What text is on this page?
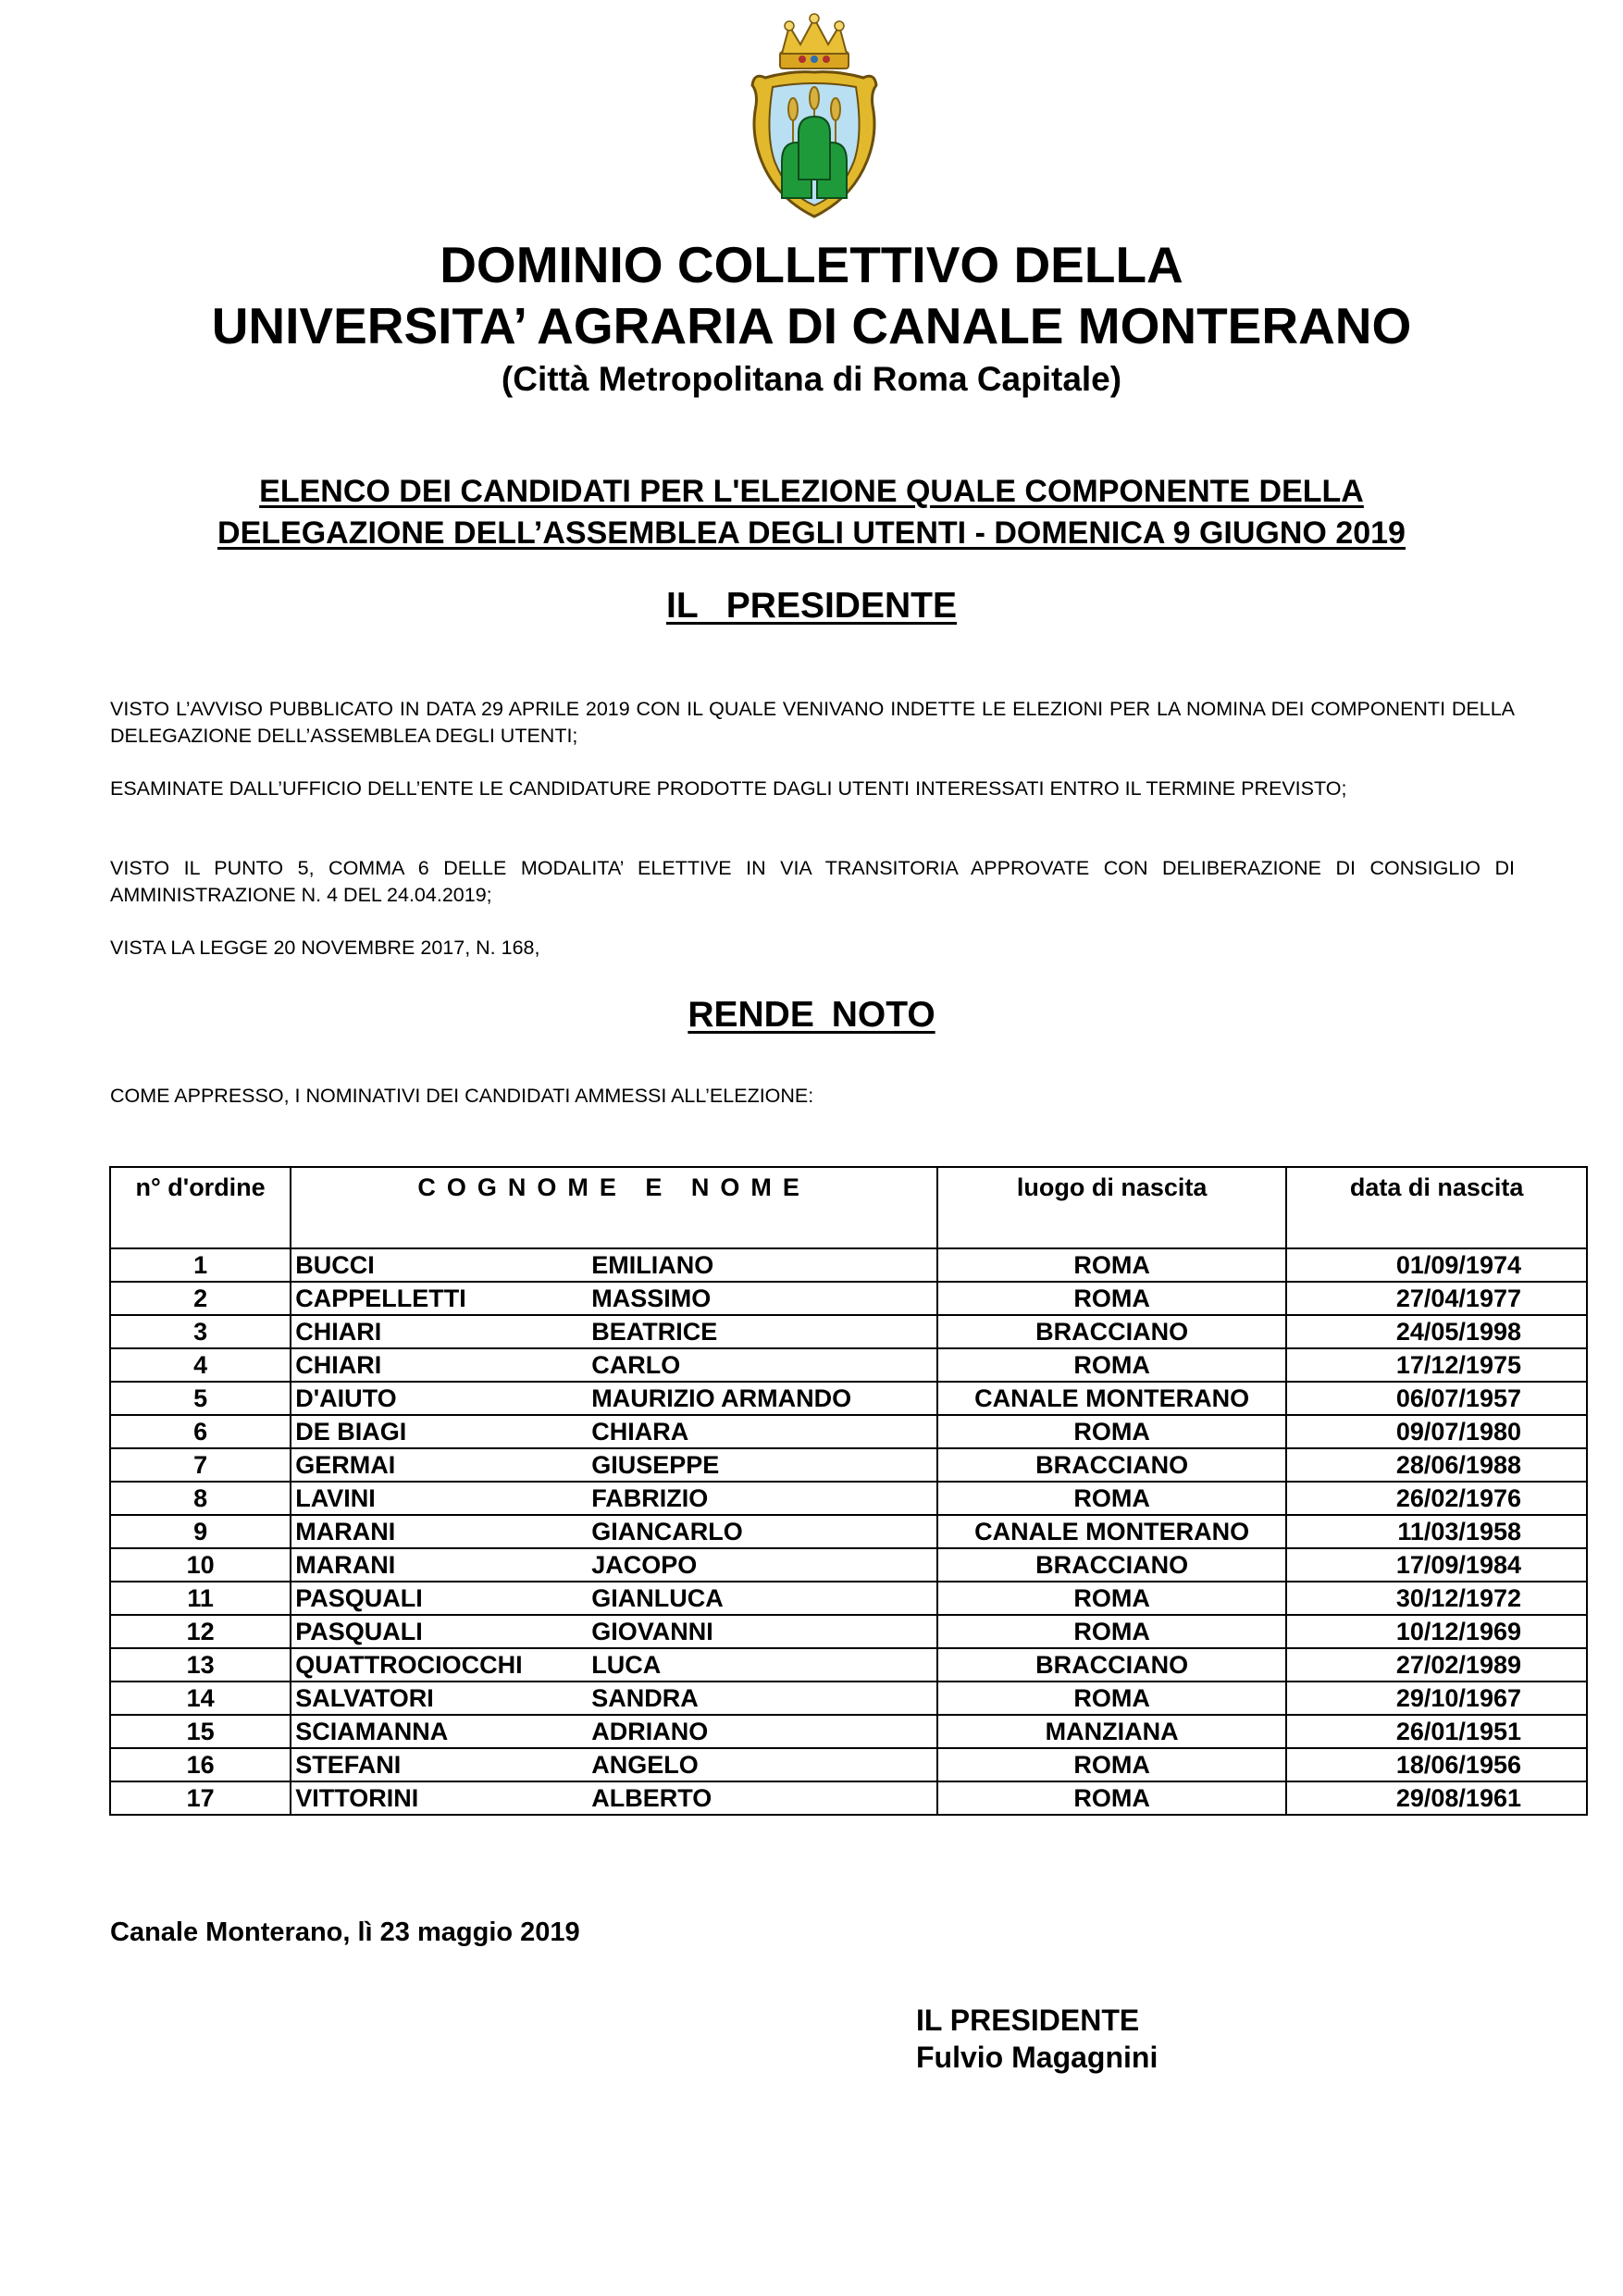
DOMINIO COLLETTIVO DELLA
UNIVERSITA’ AGRARIA DI CANALE MONTERANO
(Città Metropolitana di Roma Capitale)
ELENCO DEI CANDIDATI PER L'ELEZIONE QUALE COMPONENTE DELLA
DELEGAZIONE DELL’ASSEMBLEA DEGLI UTENTI - DOMENICA 9 GIUGNO 2019
IL PRESIDENTE

VISTO L’AVVISO PUBBLICATO IN DATA 29 APRILE 2019 CON IL QUALE VENIVANO INDETTE LE ELEZIONI PER LA NOMINA DEI COMPONENTI DELLA DELEGAZIONE DELL’ASSEMBLEA DEGLI UTENTI;

ESAMINATE DALL’UFFICIO DELL’ENTE LE CANDIDATURE PRODOTTE DAGLI UTENTI INTERESSATI ENTRO IL TERMINE PREVISTO;

VISTO IL PUNTO 5, COMMA 6 DELLE MODALITA’ ELETTIVE IN VIA TRANSITORIA APPROVATE CON DELIBERAZIONE DI CONSIGLIO DI AMMINISTRAZIONE N. 4 DEL 24.04.2019;

VISTA LA LEGGE 20 NOVEMBRE 2017, N. 168,

RENDE NOTO

COME APPRESSO, I NOMINATIVI DEI CANDIDATI AMMESSI ALL’ELEZIONE:

n° d'ordine	COGNOME E NOME	luogo di nascita	data di nascita
1	BUCCI EMILIANO	ROMA	01/09/1974
2	CAPPELLETTI MASSIMO	ROMA	27/04/1977
3	CHIARI BEATRICE	BRACCIANO	24/05/1998
4	CHIARI CARLO	ROMA	17/12/1975
5	D'AIUTO MAURIZIO ARMANDO	CANALE MONTERANO	06/07/1957
6	DE BIAGI CHIARA	ROMA	09/07/1980
7	GERMAI GIUSEPPE	BRACCIANO	28/06/1988
8	LAVINI FABRIZIO	ROMA	26/02/1976
9	MARANI GIANCARLO	CANALE MONTERANO	11/03/1958
10	MARANI JACOPO	BRACCIANO	17/09/1984
11	PASQUALI GIANLUCA	ROMA	30/12/1972
12	PASQUALI GIOVANNI	ROMA	10/12/1969
13	QUATTROCIOCCHI LUCA	BRACCIANO	27/02/1989
14	SALVATORI SANDRA	ROMA	29/10/1967
15	SCIAMANNA ADRIANO	MANZIANA	26/01/1951
16	STEFANI ANGELO	ROMA	18/06/1956
17	VITTORINI ALBERTO	ROMA	29/08/1961
Canale Monterano, lì 23 maggio 2019
IL PRESIDENTE
Fulvio Magagnini
